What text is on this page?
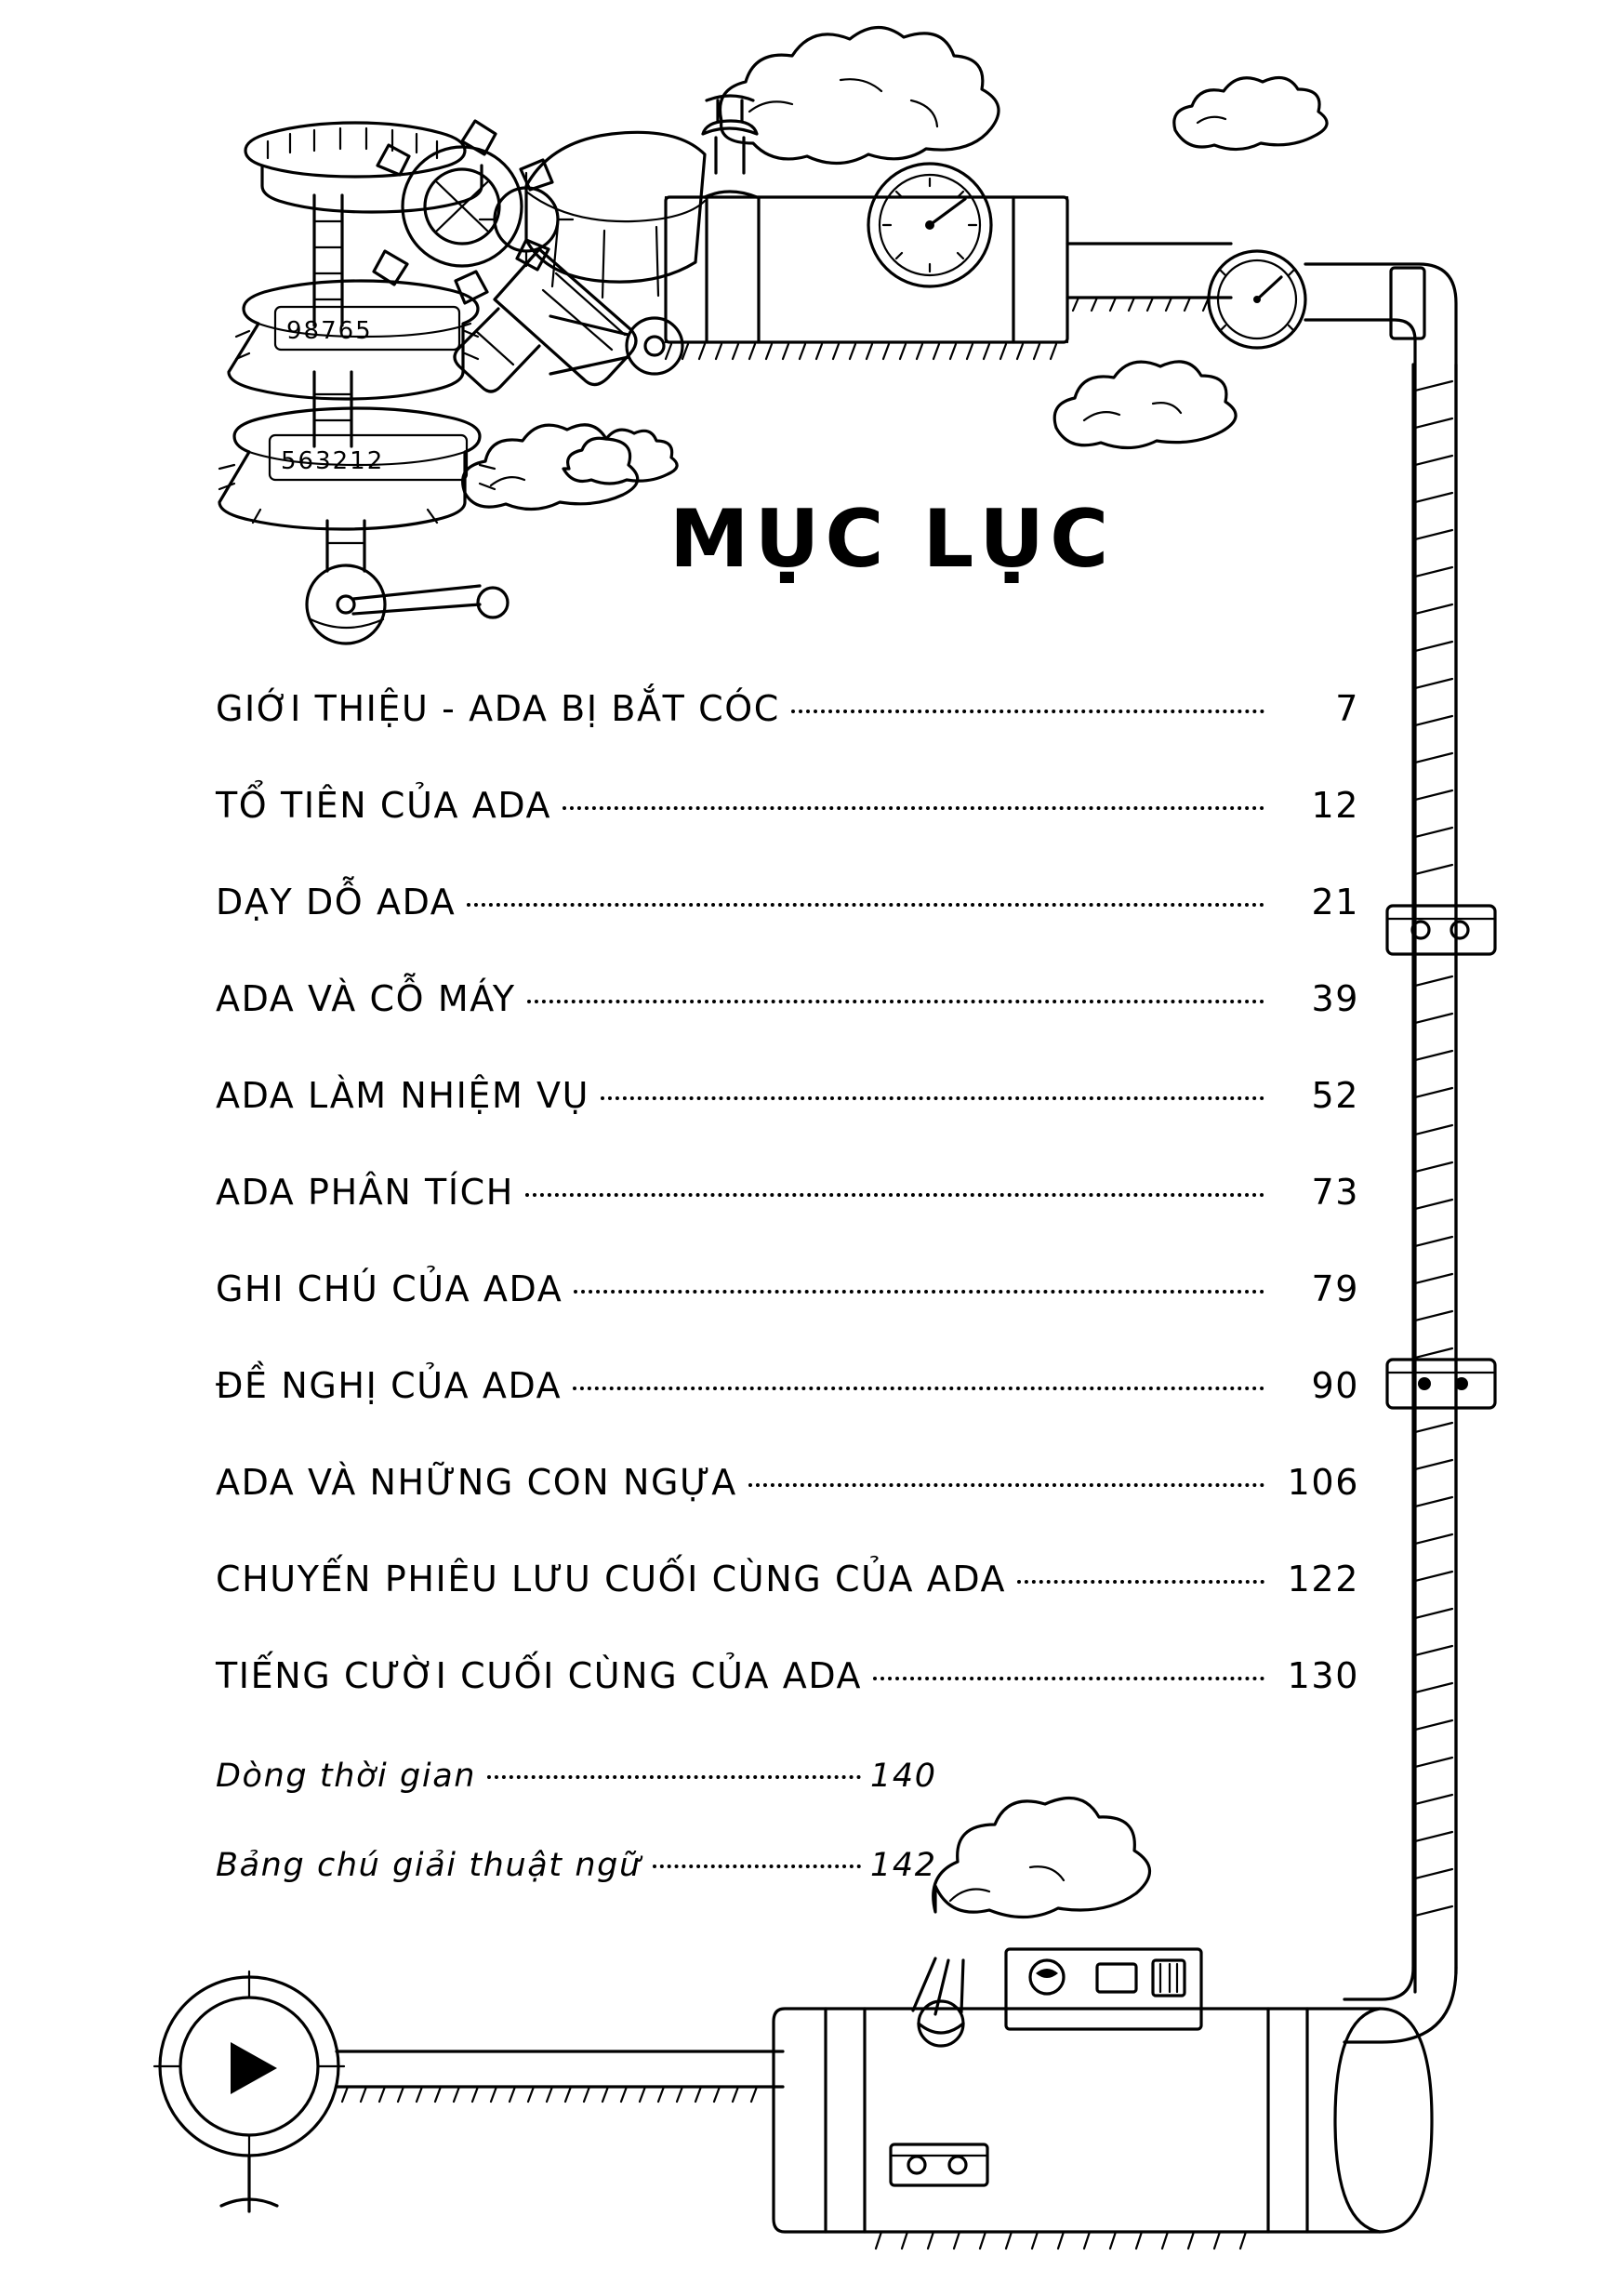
98765
563212
MỤC LỤC
GIỚI THIỆU - ADA BỊ BẮT CÓC	7
TỔ TIÊN CỦA ADA	12
DẠY DỖ ADA	21
ADA VÀ CỖ MÁY	39
ADA LÀM NHIỆM VỤ	52
ADA PHÂN TÍCH	73
GHI CHÚ CỦA ADA	79
ĐỀ NGHỊ CỦA ADA	90
ADA VÀ NHỮNG CON NGỰA	106
CHUYẾN PHIÊU LƯU CUỐI CÙNG CỦA ADA	122
TIẾNG CƯỜI CUỐI CÙNG CỦA ADA	130
Dòng thời gian	140
Bảng chú giải thuật ngữ	142
